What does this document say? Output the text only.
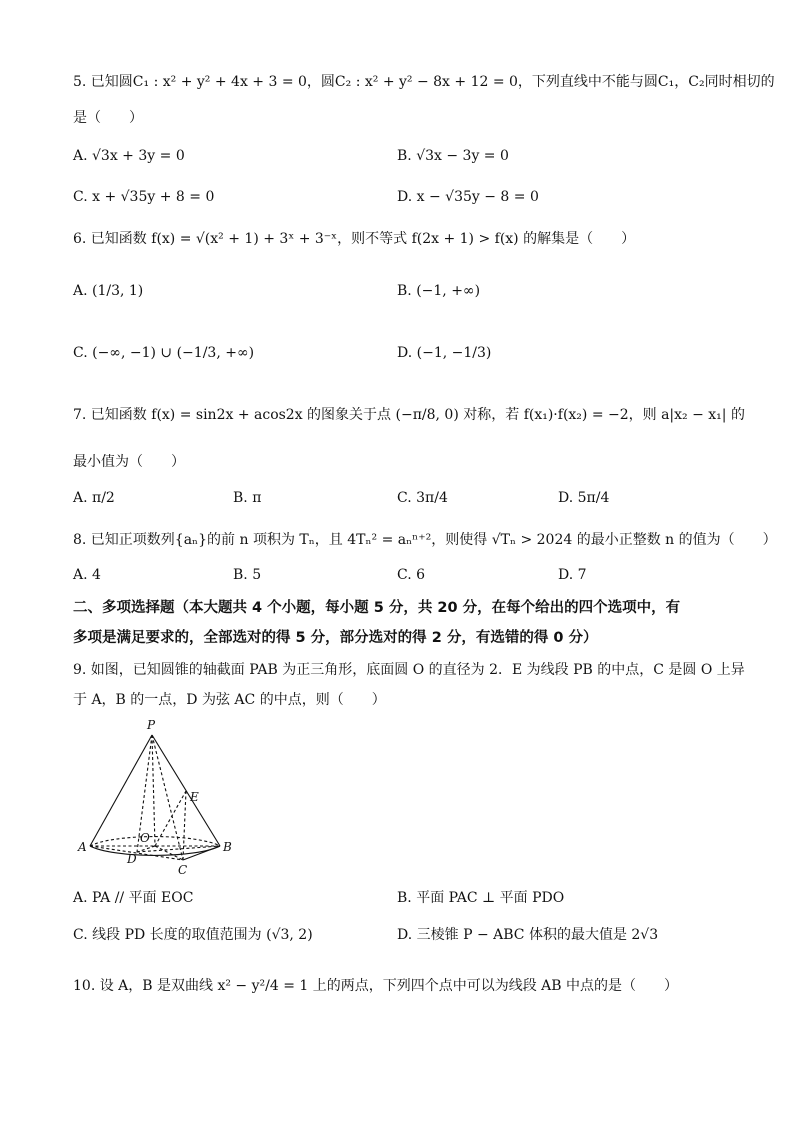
5. 已知圆C₁ : x² + y² + 4x + 3 = 0，圆C₂ : x² + y² − 8x + 12 = 0，下列直线中不能与圆C₁，C₂同时相切的
是（　　）
A. √3x + 3y = 0	B. √3x − 3y = 0
C. x + √35y + 8 = 0	D. x − √35y − 8 = 0
6. 已知函数 f(x) = √(x² + 1) + 3ˣ + 3⁻ˣ，则不等式 f(2x + 1) > f(x) 的解集是（　　）
A. (1/3, 1)	B. (−1, +∞)
C. (−∞, −1) ∪ (−1/3, +∞)	D. (−1, −1/3)
7. 已知函数 f(x) = sin2x + acos2x 的图象关于点 (−π/8, 0) 对称，若 f(x₁)·f(x₂) = −2，则 a|x₂ − x₁| 的
最小值为（　　）
A. π/2	B. π	C. 3π/4	D. 5π/4
8. 已知正项数列{aₙ}的前 n 项积为 Tₙ，且 4Tₙ² = aₙⁿ⁺²，则使得 √Tₙ > 2024 的最小正整数 n 的值为（　　）
A. 4	B. 5	C. 6	D. 7
二、多项选择题（本大题共 4 个小题，每小题 5 分，共 20 分，在每个给出的四个选项中，有
多项是满足要求的，全部选对的得 5 分，部分选对的得 2 分，有选错的得 0 分）
9. 如图，已知圆锥的轴截面 PAB 为正三角形，底面圆 O 的直径为 2．E 为线段 PB 的中点，C 是圆 O 上异
于 A，B 的一点，D 为弦 AC 的中点，则（　　）
P
E
O
A	B
D
C
A. PA // 平面 EOC	B. 平面 PAC ⊥ 平面 PDO
C. 线段 PD 长度的取值范围为 (√3, 2)	D. 三棱锥 P − ABC 体积的最大值是 2√3
10. 设 A，B 是双曲线 x² − y²/4 = 1 上的两点，下列四个点中可以为线段 AB 中点的是（　　）
